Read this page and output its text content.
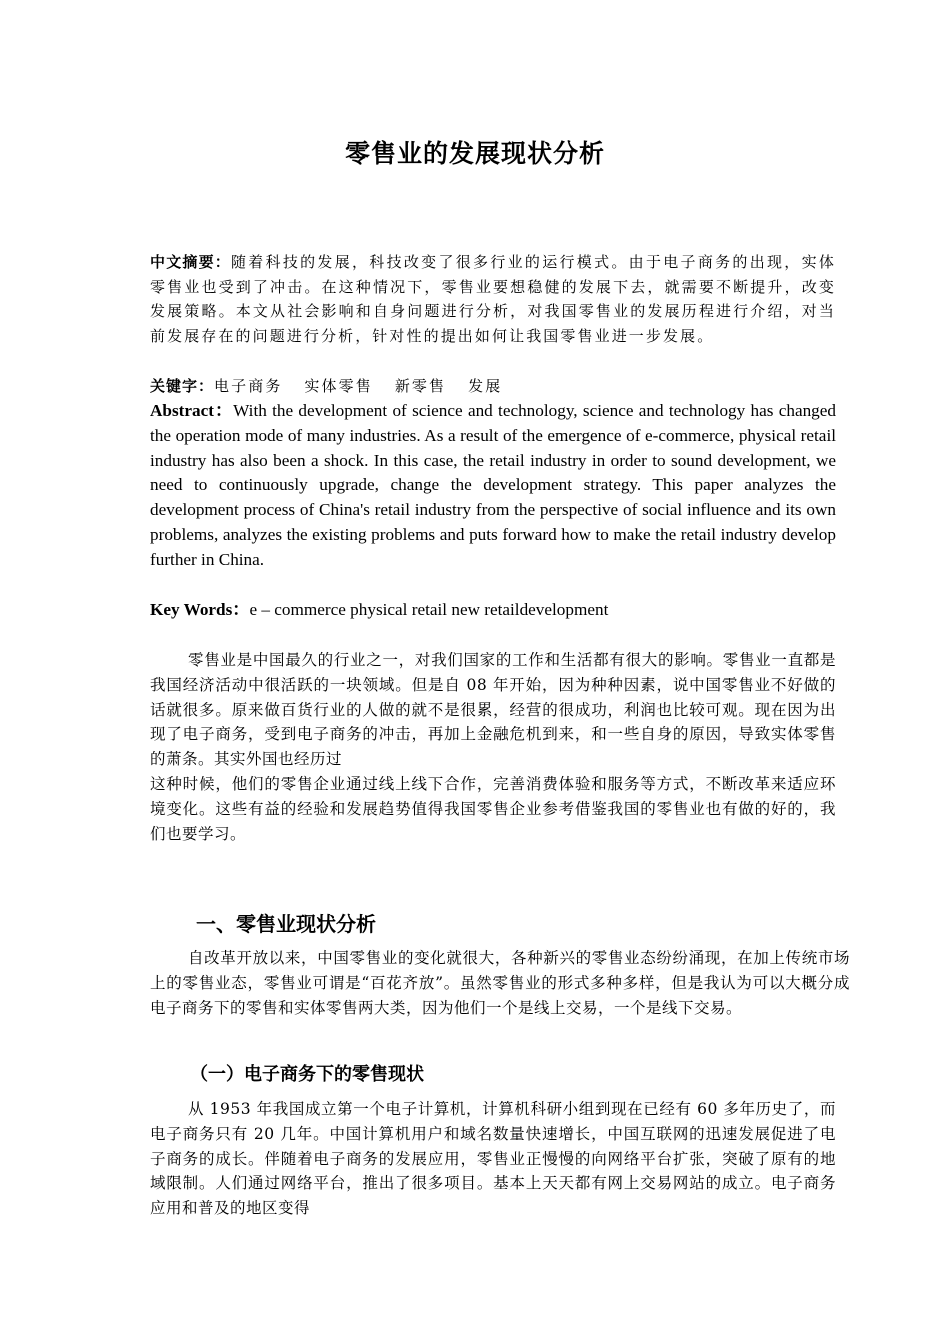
零售业的发展现状分析
中文摘要：随着科技的发展，科技改变了很多行业的运行模式。由于电子商务的出现，实体零售业也受到了冲击。在这种情况下，零售业要想稳健的发展下去，就需要不断提升，改变发展策略。本文从社会影响和自身问题进行分析，对我国零售业的发展历程进行介绍，对当前发展存在的问题进行分析，针对性的提出如何让我国零售业进一步发展。
关键字：电子商务 实体零售 新零售 发展
Abstract：With the development of science and technology, science and technology has changed the operation mode of many industries. As a result of the emergence of e-commerce, physical retail industry has also been a shock. In this case, the retail industry in order to sound development, we need to continuously upgrade, change the development strategy. This paper analyzes the development process of China's retail industry from the perspective of social influence and its own problems, analyzes the existing problems and puts forward how to make the retail industry develop further in China.
Key Words：e – commerce physical retail new retaildevelopment

零售业是中国最久的行业之一，对我们国家的工作和生活都有很大的影响。零售业一直都是我国经济活动中很活跃的一块领域。但是自 08 年开始，因为种种因素，说中国零售业不好做的话就很多。原来做百货行业的人做的就不是很累，经营的很成功，利润也比较可观。现在因为出现了电子商务，受到电子商务的冲击，再加上金融危机到来，和一些自身的原因，导致实体零售的萧条。其实外国也经历过

这种时候，他们的零售企业通过线上线下合作，完善消费体验和服务等方式，不断改革来适应环境变化。这些有益的经验和发展趋势值得我国零售企业参考借鉴我国的零售业也有做的好的，我们也要学习。

一、零售业现状分析

自改革开放以来，中国零售业的变化就很大，各种新兴的零售业态纷纷涌现，在加上传统市场上的零售业态，零售业可谓是“百花齐放”。虽然零售业的形式多种多样，但是我认为可以大概分成电子商务下的零售和实体零售两大类，因为他们一个是线上交易，一个是线下交易。

（一）电子商务下的零售现状

从 1953 年我国成立第一个电子计算机，计算机科研小组到现在已经有 60 多年历史了，而电子商务只有 20 几年。中国计算机用户和域名数量快速增长，中国互联网的迅速发展促进了电子商务的成长。伴随着电子商务的发展应用，零售业正慢慢的向网络平台扩张，突破了原有的地域限制。人们通过网络平台，推出了很多项目。基本上天天都有网上交易网站的成立。电子商务应用和普及的地区变得
